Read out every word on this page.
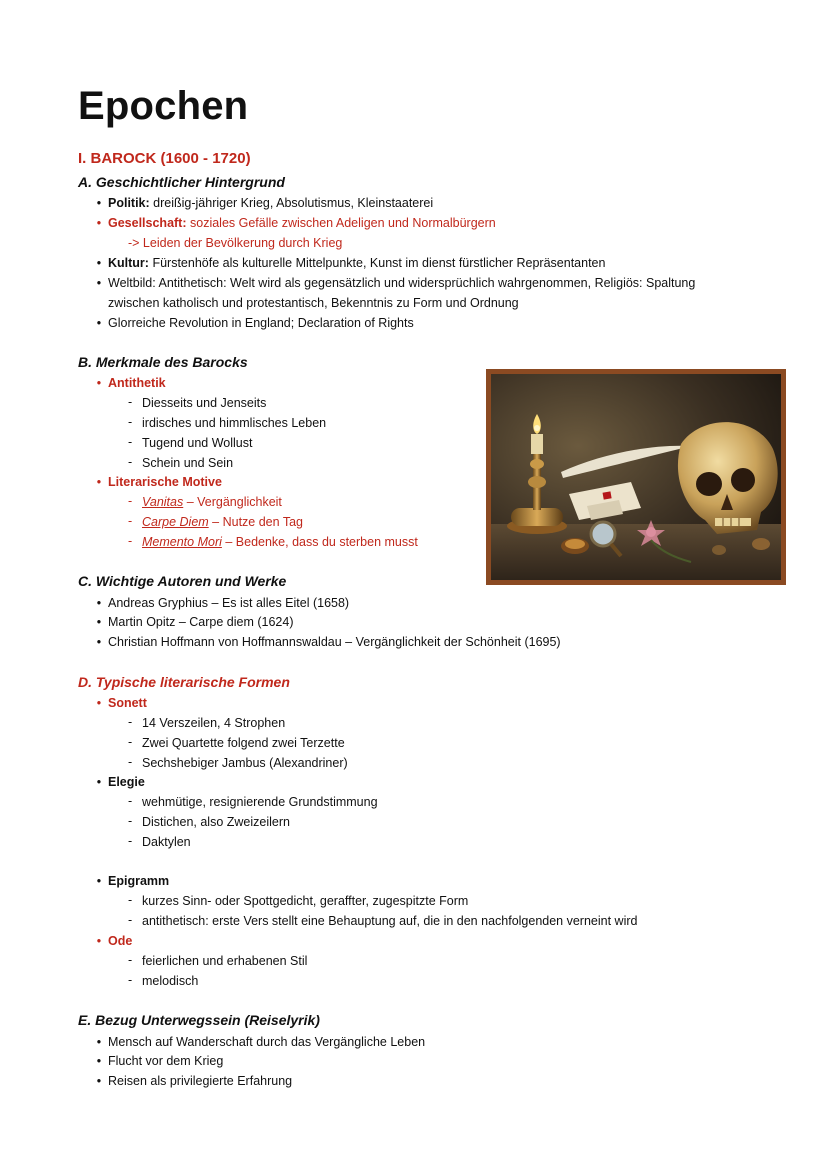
Epochen
I. BAROCK (1600 - 1720)
A. Geschichtlicher Hintergrund
• Politik: dreißig-jähriger Krieg, Absolutismus, Kleinstaaterei
• Gesellschaft: soziales Gefälle zwischen Adeligen und Normalbürgern
-> Leiden der Bevölkerung durch Krieg
• Kultur: Fürstenhöfe als kulturelle Mittelpunkte, Kunst im dienst fürstlicher Repräsentanten
• Weltbild: Antithetisch: Welt wird als gegensätzlich und widersprüchlich wahrgenommen, Religiös: Spaltung
zwischen katholisch und protestantisch, Bekenntnis zu Form und Ordnung
• Glorreiche Revolution in England; Declaration of Rights
B. Merkmale des Barocks
• Antithetik
- Diesseits und Jenseits
- irdisches und himmlisches Leben
- Tugend und Wollust
- Schein und Sein
• Literarische Motive
- Vanitas – Vergänglichkeit
- Carpe Diem – Nutze den Tag
- Memento Mori – Bedenke, dass du sterben musst
C. Wichtige Autoren und Werke
• Andreas Gryphius – Es ist alles Eitel (1658)
• Martin Opitz – Carpe diem (1624)
• Christian Hoffmann von Hoffmannswaldau – Vergänglichkeit der Schönheit (1695)
D. Typische literarische Formen
• Sonett
- 14 Verszeilen, 4 Strophen
- Zwei Quartette folgend zwei Terzette
- Sechshebiger Jambus (Alexandriner)
• Elegie
- wehmütige, resignierende Grundstimmung
- Distichen, also Zweizeilern
- Daktylen
• Epigramm
- kurzes Sinn- oder Spottgedicht, geraffter, zugespitzte Form
- antithetisch: erste Vers stellt eine Behauptung auf, die in den nachfolgenden verneint wird
• Ode
- feierlichen und erhabenen Stil
- melodisch
E. Bezug Unterwegssein (Reiselyrik)
• Mensch auf Wanderschaft durch das Vergängliche Leben
• Flucht vor dem Krieg
• Reisen als privilegierte Erfahrung
